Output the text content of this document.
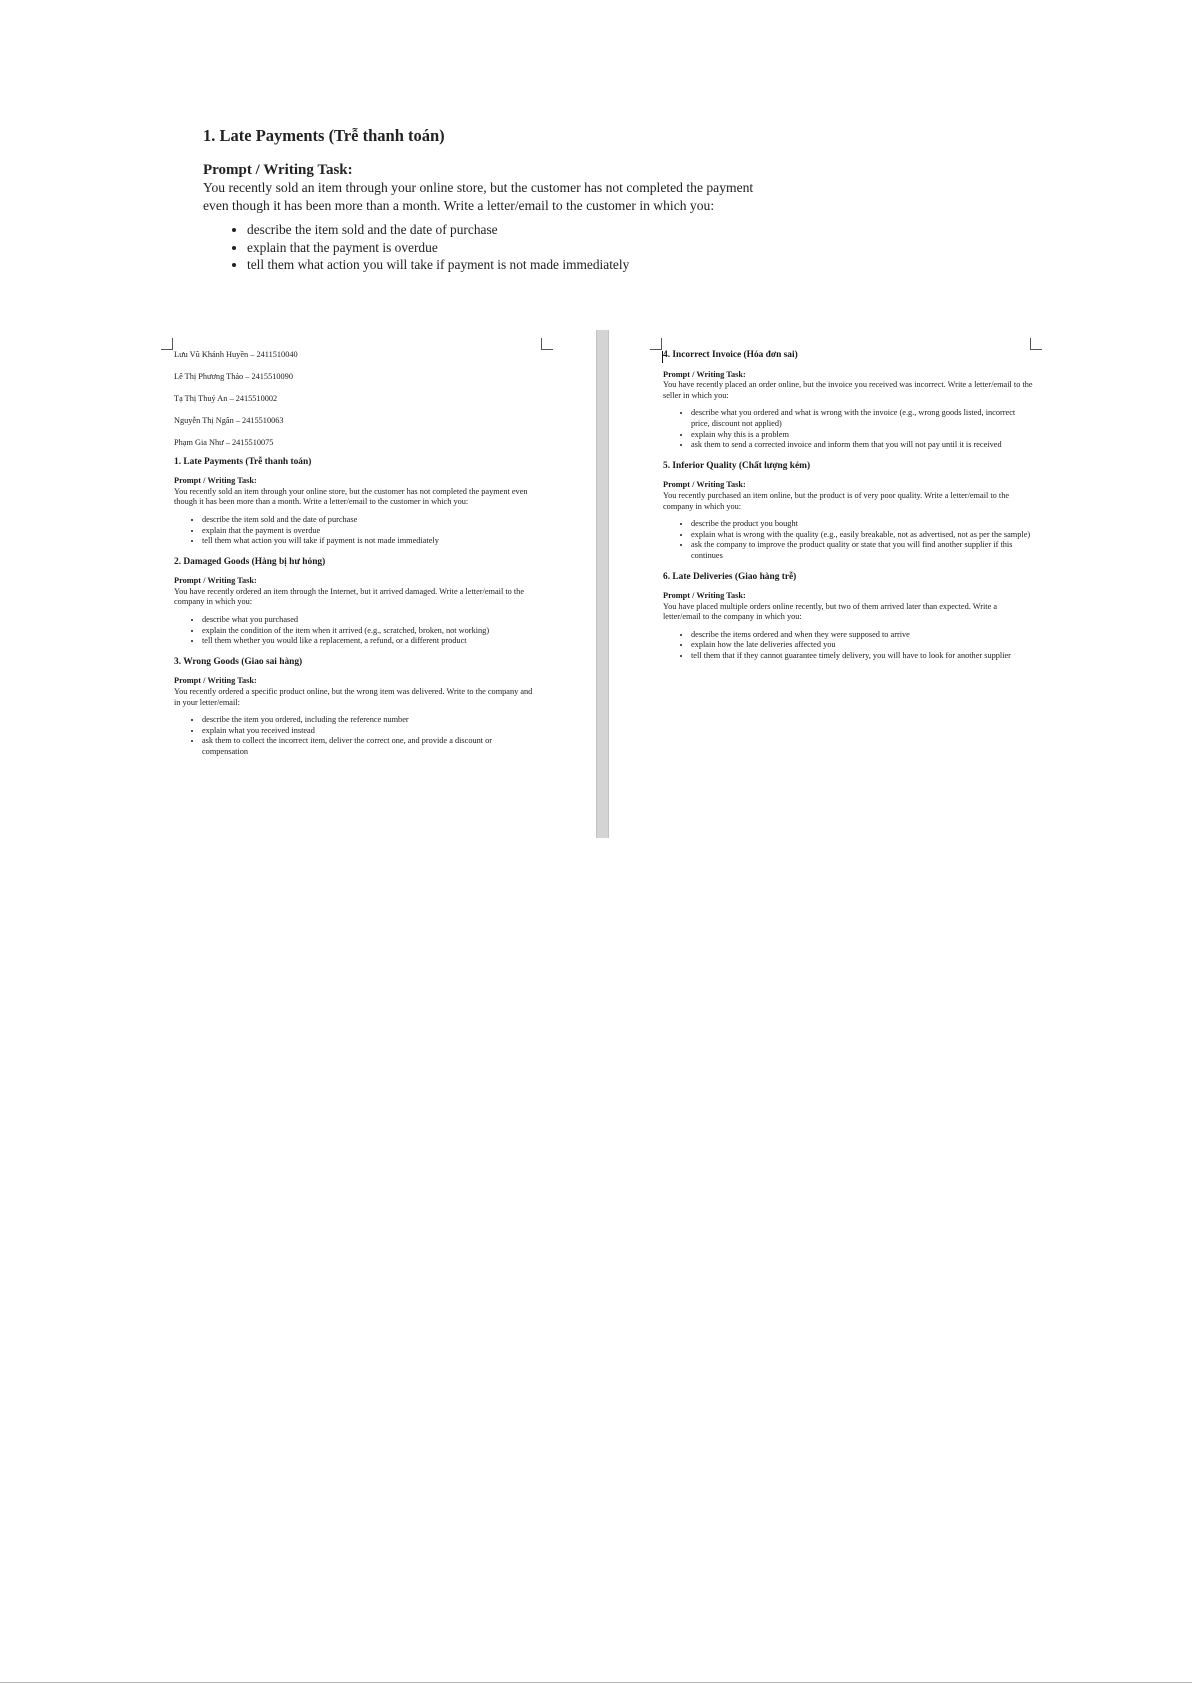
1. Late Payments (Trễ thanh toán)

Prompt / Writing Task:

You recently sold an item through your online store, but the customer has not completed the payment even though it has been more than a month. Write a letter/email to the customer in which you:

• describe the item sold and the date of purchase
• explain that the payment is overdue
• tell them what action you will take if payment is not made immediately

Lưu Vũ Khánh Huyền – 2411510040

Lê Thị Phương Thảo – 2415510090

Tạ Thị Thuý An – 2415510002

Nguyễn Thị Ngân – 2415510063

Phạm Gia Như – 2415510075

1. Late Payments (Trễ thanh toán)

Prompt / Writing Task:

You recently sold an item through your online store, but the customer has not completed the payment even though it has been more than a month. Write a letter/email to the customer in which you:

• describe the item sold and the date of purchase
• explain that the payment is overdue
• tell them what action you will take if payment is not made immediately

2. Damaged Goods (Hàng bị hư hỏng)

Prompt / Writing Task:

You have recently ordered an item through the Internet, but it arrived damaged. Write a letter/email to the company in which you:

• describe what you purchased
• explain the condition of the item when it arrived (e.g., scratched, broken, not working)
• tell them whether you would like a replacement, a refund, or a different product

3. Wrong Goods (Giao sai hàng)

Prompt / Writing Task:

You recently ordered a specific product online, but the wrong item was delivered. Write to the company and in your letter/email:

• describe the item you ordered, including the reference number
• explain what you received instead
• ask them to collect the incorrect item, deliver the correct one, and provide a discount or compensation

4. Incorrect Invoice (Hóa đơn sai)

Prompt / Writing Task:

You have recently placed an order online, but the invoice you received was incorrect. Write a letter/email to the seller in which you:

• describe what you ordered and what is wrong with the invoice (e.g., wrong goods listed, incorrect price, discount not applied)
• explain why this is a problem
• ask them to send a corrected invoice and inform them that you will not pay until it is received

5. Inferior Quality (Chất lượng kém)

Prompt / Writing Task:

You recently purchased an item online, but the product is of very poor quality. Write a letter/email to the company in which you:

• describe the product you bought
• explain what is wrong with the quality (e.g., easily breakable, not as advertised, not as per the sample)
• ask the company to improve the product quality or state that you will find another supplier if this continues

6. Late Deliveries (Giao hàng trễ)

Prompt / Writing Task:

You have placed multiple orders online recently, but two of them arrived later than expected. Write a letter/email to the company in which you:

• describe the items ordered and when they were supposed to arrive
• explain how the late deliveries affected you
• tell them that if they cannot guarantee timely delivery, you will have to look for another supplier
